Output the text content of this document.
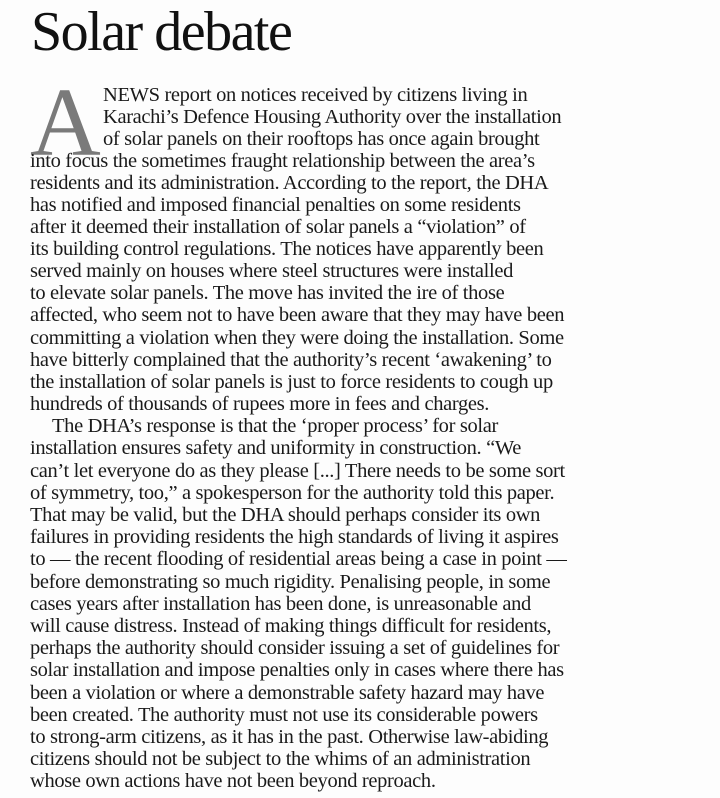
Solar debate
A NEWS report on notices received by citizens living in
Karachi’s Defence Housing Authority over the installation
of solar panels on their rooftops has once again brought
into focus the sometimes fraught relationship between the area’s
residents and its administration. According to the report, the DHA
has notified and imposed financial penalties on some residents
after it deemed their installation of solar panels a “violation” of
its building control regulations. The notices have apparently been
served mainly on houses where steel structures were installed
to elevate solar panels. The move has invited the ire of those
affected, who seem not to have been aware that they may have been
committing a violation when they were doing the installation. Some
have bitterly complained that the authority’s recent ‘awakening’ to
the installation of solar panels is just to force residents to cough up
hundreds of thousands of rupees more in fees and charges.
The DHA’s response is that the ‘proper process’ for solar
installation ensures safety and uniformity in construction. “We
can’t let everyone do as they please [...] There needs to be some sort
of symmetry, too,” a spokesperson for the authority told this paper.
That may be valid, but the DHA should perhaps consider its own
failures in providing residents the high standards of living it aspires
to — the recent flooding of residential areas being a case in point —
before demonstrating so much rigidity. Penalising people, in some
cases years after installation has been done, is unreasonable and
will cause distress. Instead of making things difficult for residents,
perhaps the authority should consider issuing a set of guidelines for
solar installation and impose penalties only in cases where there has
been a violation or where a demonstrable safety hazard may have
been created. The authority must not use its considerable powers
to strong-arm citizens, as it has in the past. Otherwise law-abiding
citizens should not be subject to the whims of an administration
whose own actions have not been beyond reproach.
